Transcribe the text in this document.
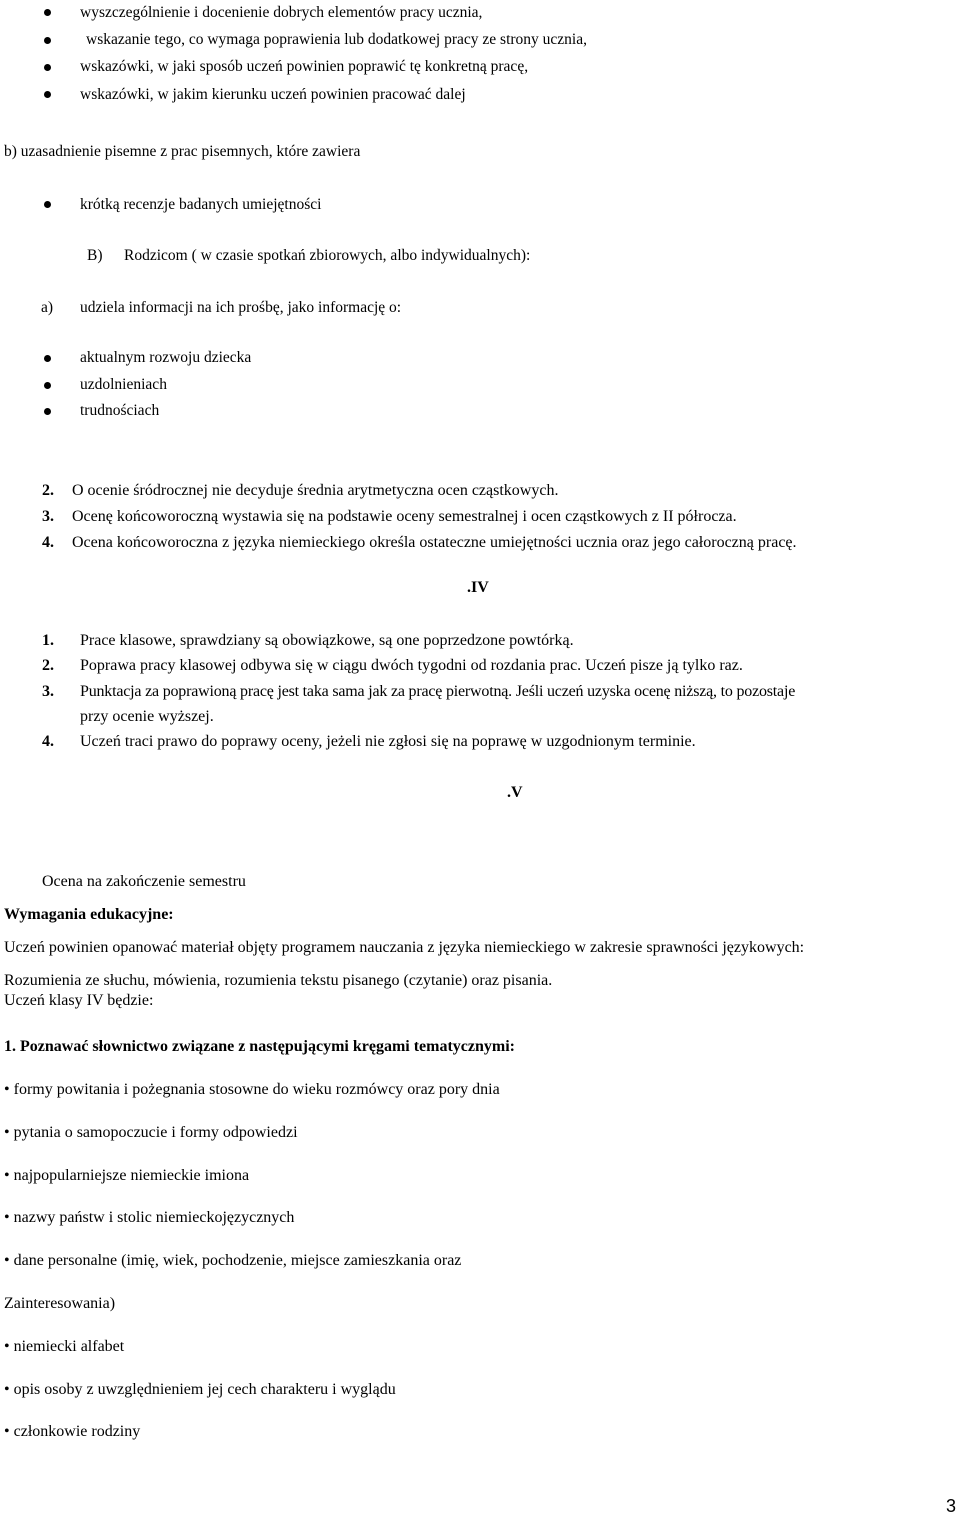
wyszczególnienie i docenienie dobrych elementów pracy ucznia,
wskazanie tego, co wymaga poprawienia lub dodatkowej pracy ze strony ucznia,
wskazówki, w jaki sposób uczeń powinien poprawić tę konkretną pracę,
wskazówki, w jakim kierunku uczeń powinien pracować dalej
b) uzasadnienie pisemne z prac pisemnych, które zawiera
krótką recenzje badanych umiejętności
B) Rodzicom ( w czasie spotkań zbiorowych, albo indywidualnych):
a) udziela informacji na ich prośbę, jako informację o:
aktualnym rozwoju dziecka
uzdolnieniach
trudnościach
2. O ocenie śródrocznej nie decyduje średnia arytmetyczna ocen cząstkowych.
3. Ocenę końcoworoczną wystawia się na podstawie oceny semestralnej i ocen cząstkowych z II półrocza.
4. Ocena końcoworoczna z języka niemieckiego określa ostateczne umiejętności ucznia oraz jego całoroczną pracę.
.IV
1. Prace klasowe, sprawdziany są obowiązkowe, są one poprzedzone powtórką.
2. Poprawa pracy klasowej odbywa się w ciągu dwóch tygodni od rozdania prac. Uczeń pisze ją tylko raz.
3. Punktacja za poprawioną pracę jest taka sama jak za pracę pierwotną. Jeśli uczeń uzyska ocenę niższą, to pozostaje
przy ocenie wyższej.
4. Uczeń traci prawo do poprawy oceny, jeżeli nie zgłosi się na poprawę w uzgodnionym terminie.
.V
Ocena na zakończenie semestru
Wymagania edukacyjne:
Uczeń powinien opanować materiał objęty programem nauczania z języka niemieckiego w zakresie sprawności językowych:
Rozumienia ze słuchu, mówienia, rozumienia tekstu pisanego (czytanie) oraz pisania.
Uczeń klasy IV będzie:
1. Poznawać słownictwo związane z następującymi kręgami tematycznymi:
• formy powitania i pożegnania stosowne do wieku rozmówcy oraz pory dnia
• pytania o samopoczucie i formy odpowiedzi
• najpopularniejsze niemieckie imiona
• nazwy państw i stolic niemieckojęzycznych
• dane personalne (imię, wiek, pochodzenie, miejsce zamieszkania oraz
Zainteresowania)
• niemiecki alfabet
• opis osoby z uwzględnieniem jej cech charakteru i wyglądu
• członkowie rodziny
3
